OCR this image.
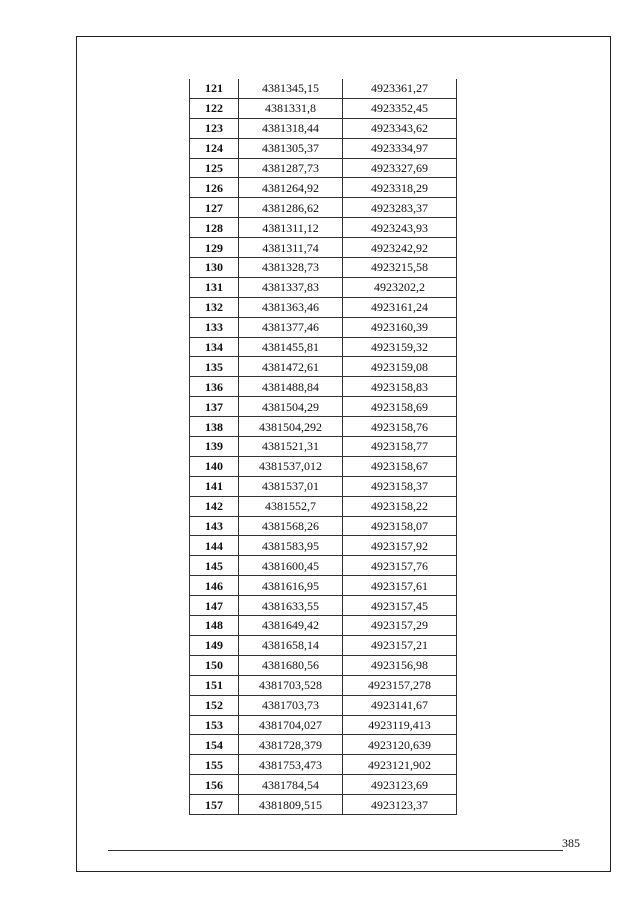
121	4381345,15	4923361,27
122	4381331,8	4923352,45
123	4381318,44	4923343,62
124	4381305,37	4923334,97
125	4381287,73	4923327,69
126	4381264,92	4923318,29
127	4381286,62	4923283,37
128	4381311,12	4923243,93
129	4381311,74	4923242,92
130	4381328,73	4923215,58
131	4381337,83	4923202,2
132	4381363,46	4923161,24
133	4381377,46	4923160,39
134	4381455,81	4923159,32
135	4381472,61	4923159,08
136	4381488,84	4923158,83
137	4381504,29	4923158,69
138	4381504,292	4923158,76
139	4381521,31	4923158,77
140	4381537,012	4923158,67
141	4381537,01	4923158,37
142	4381552,7	4923158,22
143	4381568,26	4923158,07
144	4381583,95	4923157,92
145	4381600,45	4923157,76
146	4381616,95	4923157,61
147	4381633,55	4923157,45
148	4381649,42	4923157,29
149	4381658,14	4923157,21
150	4381680,56	4923156,98
151	4381703,528	4923157,278
152	4381703,73	4923141,67
153	4381704,027	4923119,413
154	4381728,379	4923120,639
155	4381753,473	4923121,902
156	4381784,54	4923123,69
157	4381809,515	4923123,37
385
